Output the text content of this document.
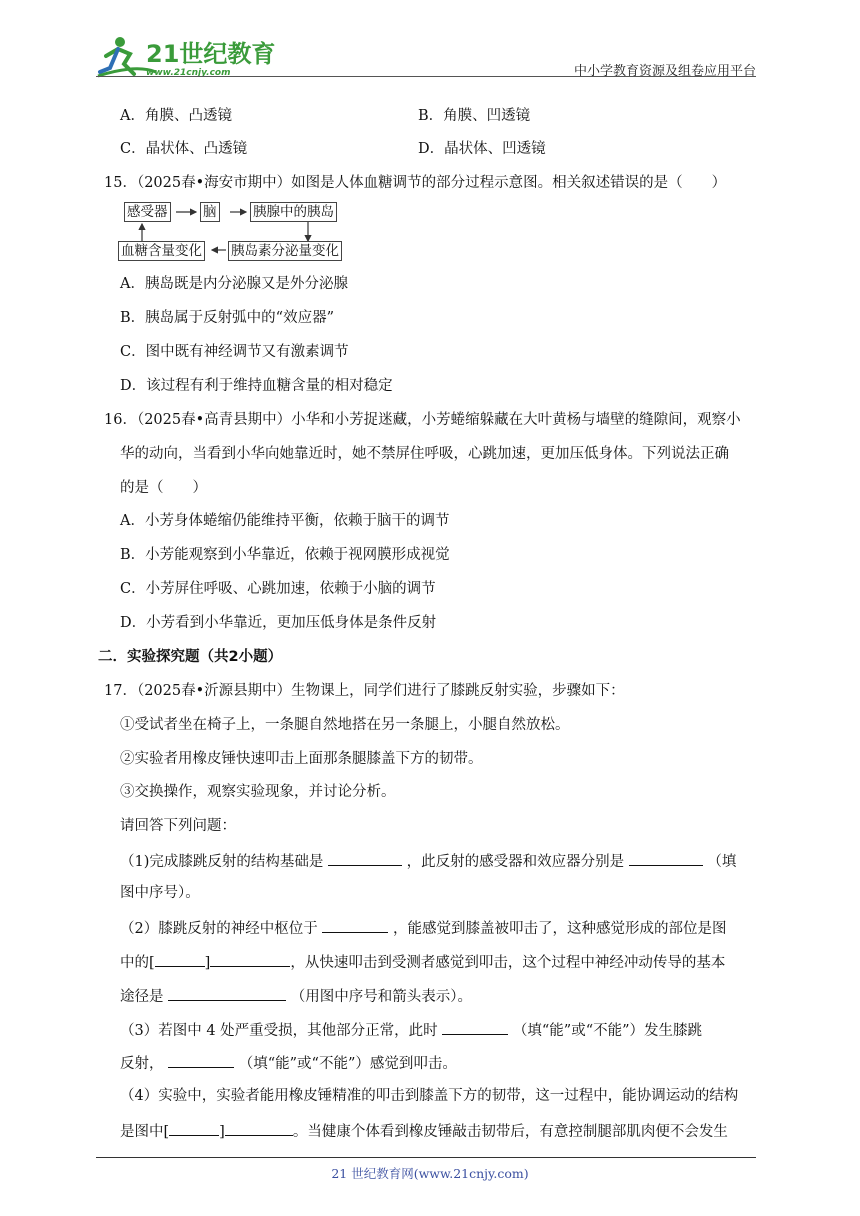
21世纪教育
www.21cnjy.com	中小学教育资源及组卷应用平台
A．角膜、凸透镜	B．角膜、凹透镜
C．晶状体、凸透镜	D．晶状体、凹透镜
15．（2025春•海安市期中）如图是人体血糖调节的部分过程示意图。相关叙述错误的是（　　）
感受器	脑	胰腺中的胰岛
血糖含量变化 胰岛素分泌量变化
A．胰岛既是内分泌腺又是外分泌腺
B．胰岛属于反射弧中的“效应器”
C．图中既有神经调节又有激素调节
D．该过程有利于维持血糖含量的相对稳定
16．（2025春•高青县期中）小华和小芳捉迷藏，小芳蜷缩躲藏在大叶黄杨与墙壁的缝隙间，观察小
华的动向，当看到小华向她靠近时，她不禁屏住呼吸，心跳加速，更加压低身体。下列说法正确
的是（　　）
A．小芳身体蜷缩仍能维持平衡，依赖于脑干的调节
B．小芳能观察到小华靠近，依赖于视网膜形成视觉
C．小芳屏住呼吸、心跳加速，依赖于小脑的调节
D．小芳看到小华靠近，更加压低身体是条件反射
二．实验探究题（共2小题）
17．（2025春•沂源县期中）生物课上，同学们进行了膝跳反射实验，步骤如下：
①受试者坐在椅子上，一条腿自然地搭在另一条腿上，小腿自然放松。
②实验者用橡皮锤快速叩击上面那条腿膝盖下方的韧带。
③交换操作，观察实验现象，并讨论分析。
请回答下列问题：
（1)完成膝跳反射的结构基础是	，此反射的感受器和效应器分别是	（填
图中序号）。
（2）膝跳反射的神经中枢位于	，能感觉到膝盖被叩击了，这种感觉形成的部位是图
中的[	]	，从快速叩击到受测者感觉到叩击，这个过程中神经冲动传导的基本
途径是	（用图中序号和箭头表示）。
（3）若图中 4 处严重受损，其他部分正常，此时	（填“能”或“不能”）发生膝跳
反射，	（填“能”或“不能”）感觉到叩击。
（4）实验中，实验者能用橡皮锤精准的叩击到膝盖下方的韧带，这一过程中，能协调运动的结构
是图中[	]	。当健康个体看到橡皮锤敲击韧带后，有意控制腿部肌肉便不会发生
21 世纪教育网(www.21cnjy.com)
